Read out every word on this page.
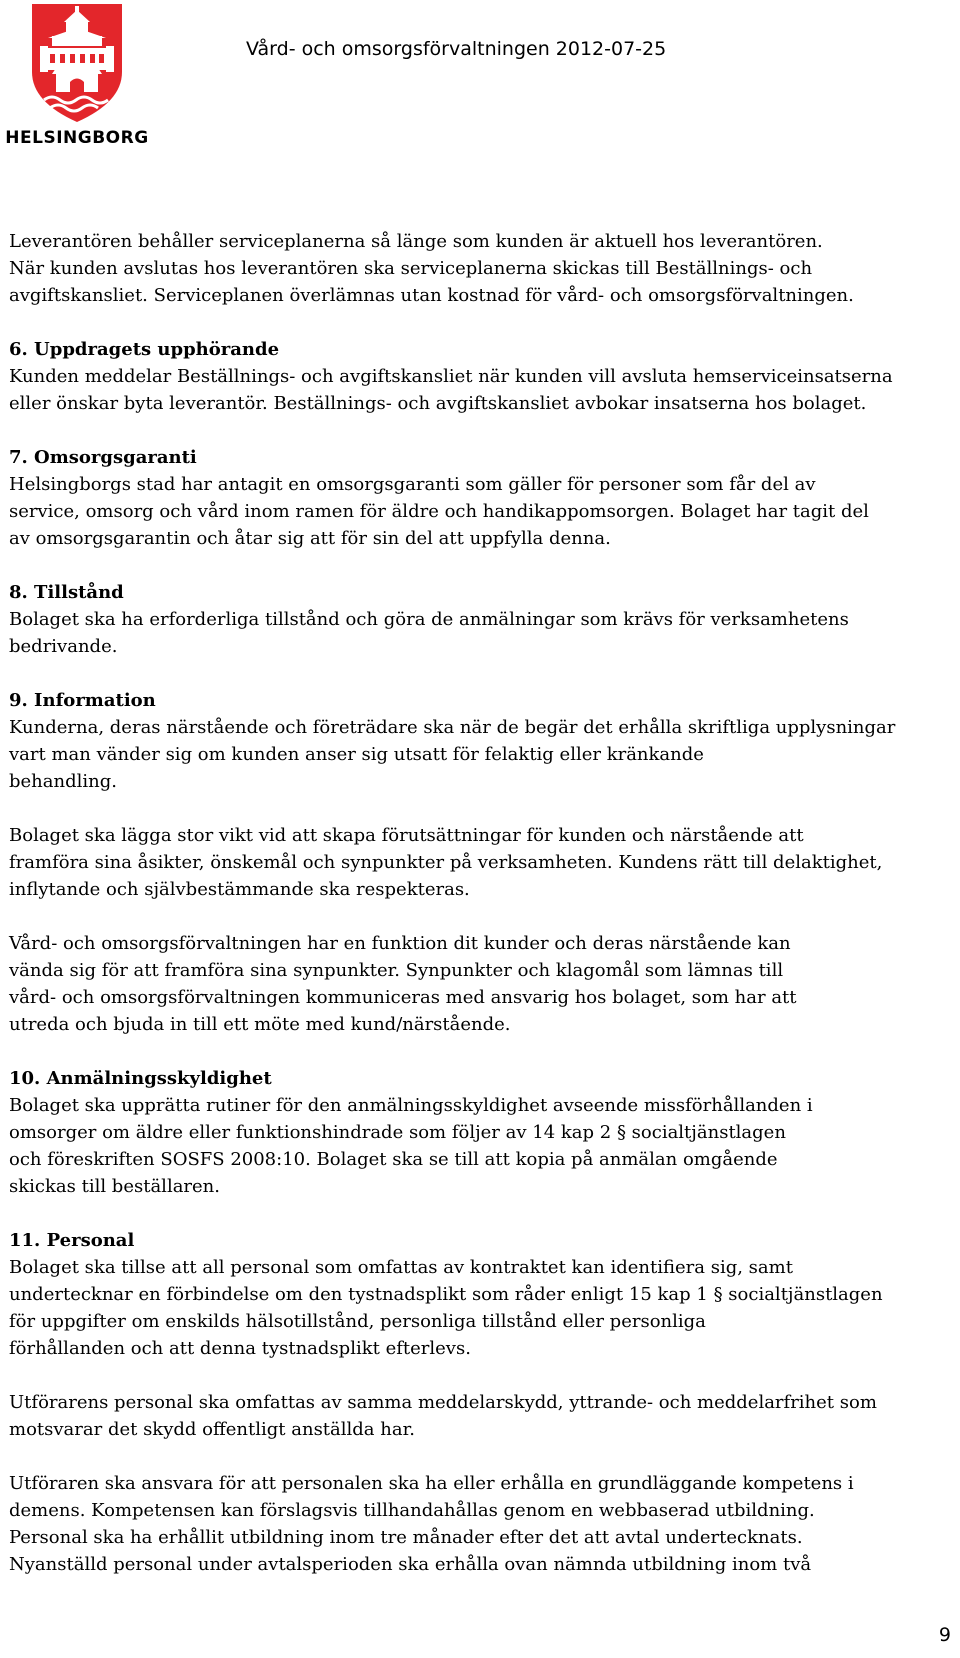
HELSINGBORG
Vård- och omsorgsförvaltningen 2012-07-25

Leverantören behåller serviceplanerna så länge som kunden är aktuell hos leverantören.
När kunden avslutas hos leverantören ska serviceplanerna skickas till Beställnings- och
avgiftskansliet. Serviceplanen överlämnas utan kostnad för vård- och omsorgsförvaltningen.

6. Uppdragets upphörande
Kunden meddelar Beställnings- och avgiftskansliet när kunden vill avsluta hemserviceinsatserna
eller önskar byta leverantör. Beställnings- och avgiftskansliet avbokar insatserna hos bolaget.

7. Omsorgsgaranti
Helsingborgs stad har antagit en omsorgsgaranti som gäller för personer som får del av
service, omsorg och vård inom ramen för äldre och handikappomsorgen. Bolaget har tagit del
av omsorgsgarantin och åtar sig att för sin del att uppfylla denna.

8. Tillstånd
Bolaget ska ha erforderliga tillstånd och göra de anmälningar som krävs för verksamhetens
bedrivande.

9. Information
Kunderna, deras närstående och företrädare ska när de begär det erhålla skriftliga upplysningar
vart man vänder sig om kunden anser sig utsatt för felaktig eller kränkande
behandling.

Bolaget ska lägga stor vikt vid att skapa förutsättningar för kunden och närstående att
framföra sina åsikter, önskemål och synpunkter på verksamheten. Kundens rätt till delaktighet,
inflytande och självbestämmande ska respekteras.

Vård- och omsorgsförvaltningen har en funktion dit kunder och deras närstående kan
vända sig för att framföra sina synpunkter. Synpunkter och klagomål som lämnas till
vård- och omsorgsförvaltningen kommuniceras med ansvarig hos bolaget, som har att
utreda och bjuda in till ett möte med kund/närstående.

10. Anmälningsskyldighet
Bolaget ska upprätta rutiner för den anmälningsskyldighet avseende missförhållanden i
omsorger om äldre eller funktionshindrade som följer av 14 kap 2 § socialtjänstlagen
och föreskriften SOSFS 2008:10. Bolaget ska se till att kopia på anmälan omgående
skickas till beställaren.

11. Personal
Bolaget ska tillse att all personal som omfattas av kontraktet kan identifiera sig, samt
undertecknar en förbindelse om den tystnadsplikt som råder enligt 15 kap 1 § socialtjänstlagen
för uppgifter om enskilds hälsotillstånd, personliga tillstånd eller personliga
förhållanden och att denna tystnadsplikt efterlevs.

Utförarens personal ska omfattas av samma meddelarskydd, yttrande- och meddelarfrihet som
motsvarar det skydd offentligt anställda har.

Utföraren ska ansvara för att personalen ska ha eller erhålla en grundläggande kompetens i
demens. Kompetensen kan förslagsvis tillhandahållas genom en webbaserad utbildning.
Personal ska ha erhållit utbildning inom tre månader efter det att avtal undertecknats.
Nyanställd personal under avtalsperioden ska erhålla ovan nämnda utbildning inom två

9
